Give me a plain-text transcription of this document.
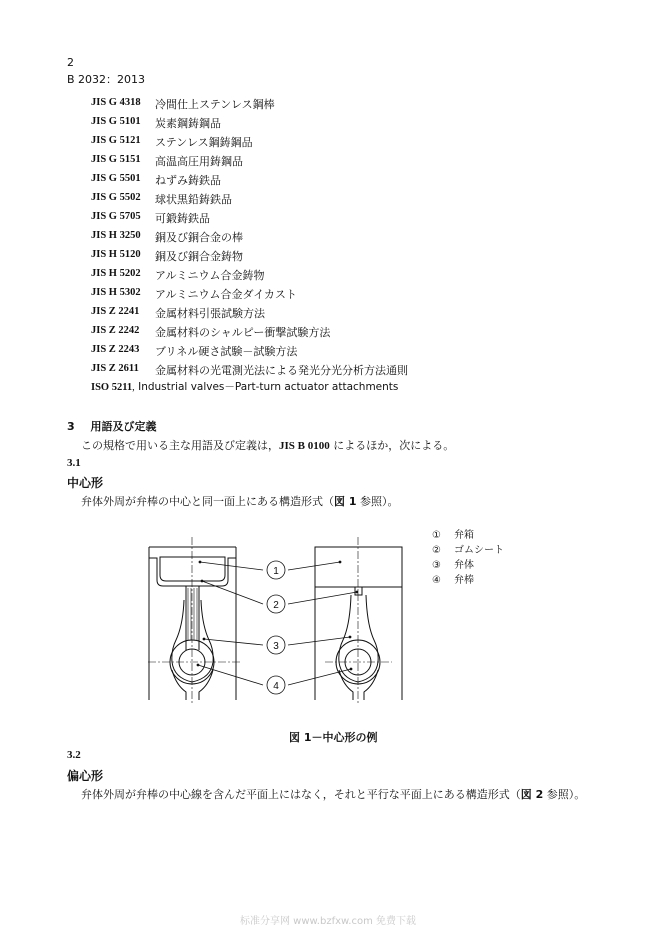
2
B 2032：2013
JIS G 4318 冷間仕上ステンレス鋼棒
JIS G 5101 炭素鋼鋳鋼品
JIS G 5121 ステンレス鋼鋳鋼品
JIS G 5151 高温高圧用鋳鋼品
JIS G 5501 ねずみ鋳鉄品
JIS G 5502 球状黒鉛鋳鉄品
JIS G 5705 可鍛鋳鉄品
JIS H 3250 銅及び銅合金の棒
JIS H 5120 銅及び銅合金鋳物
JIS H 5202 アルミニウム合金鋳物
JIS H 5302 アルミニウム合金ダイカスト
JIS Z 2241 金属材料引張試験方法
JIS Z 2242 金属材料のシャルピー衝撃試験方法
JIS Z 2243 ブリネル硬さ試験－試験方法
JIS Z 2611 金属材料の光電測光法による発光分光分析方法通則
ISO 5211, Industrial valves－Part-turn actuator attachments
3 用語及び定義
この規格で用いる主な用語及び定義は，JIS B 0100 によるほか，次による。
3.1
中心形
弁体外周が弁棒の中心と同一面上にある構造形式（図 1 参照）。
1
2
3
4
① 弁箱
② ゴムシート
③ 弁体
④ 弁棒
図 1－中心形の例
3.2
偏心形
弁体外周が弁棒の中心線を含んだ平面上にはなく，それと平行な平面上にある構造形式（図 2 参照）。
标准分享网 www.bzfxw.com 免费下载
